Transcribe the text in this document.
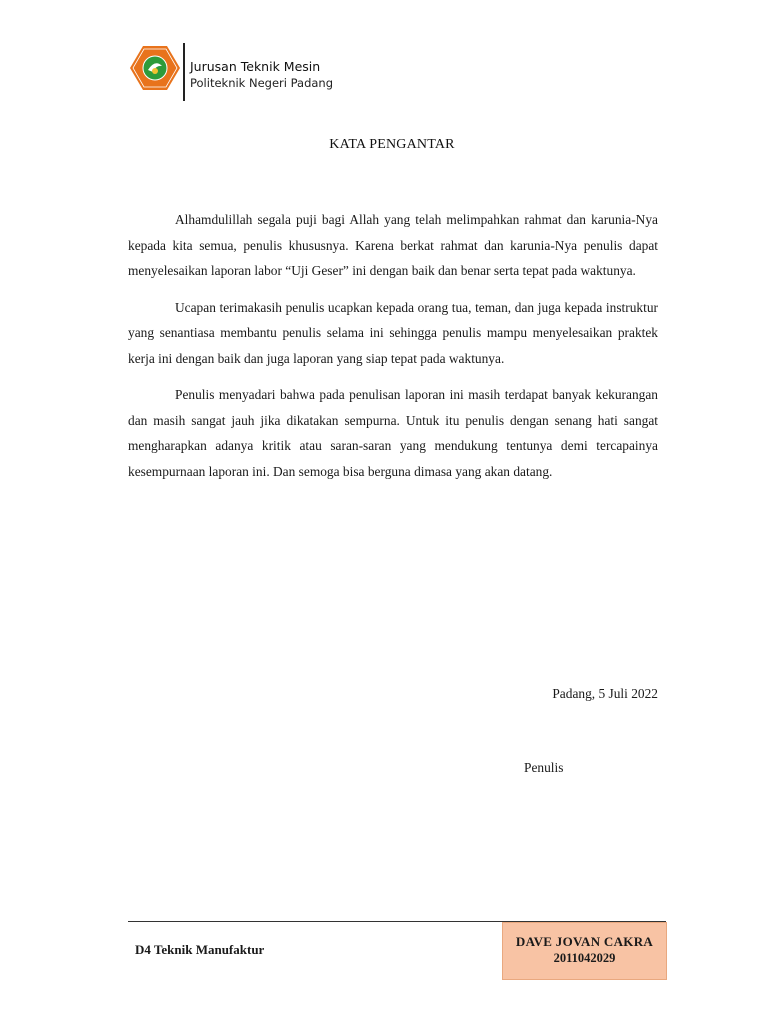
Jurusan Teknik Mesin
Politeknik Negeri Padang
KATA PENGANTAR

Alhamdulillah segala puji bagi Allah yang telah melimpahkan rahmat dan karunia-Nya kepada kita semua, penulis khususnya. Karena berkat rahmat dan karunia-Nya penulis dapat menyelesaikan laporan labor “Uji Geser” ini dengan baik dan benar serta tepat pada waktunya.

Ucapan terimakasih penulis ucapkan kepada orang tua, teman, dan juga kepada instruktur yang senantiasa membantu penulis selama ini sehingga penulis mampu menyelesaikan praktek kerja ini dengan baik dan juga laporan yang siap tepat pada waktunya.

Penulis menyadari bahwa pada penulisan laporan ini masih terdapat banyak kekurangan dan masih sangat jauh jika dikatakan sempurna. Untuk itu penulis dengan senang hati sangat mengharapkan adanya kritik atau saran-saran yang mendukung tentunya demi tercapainya kesempurnaan laporan ini. Dan semoga bisa berguna dimasa yang akan datang.

Padang, 5 Juli 2022
Penulis
D4 Teknik Manufaktur
DAVE JOVAN CAKRA
2011042029
